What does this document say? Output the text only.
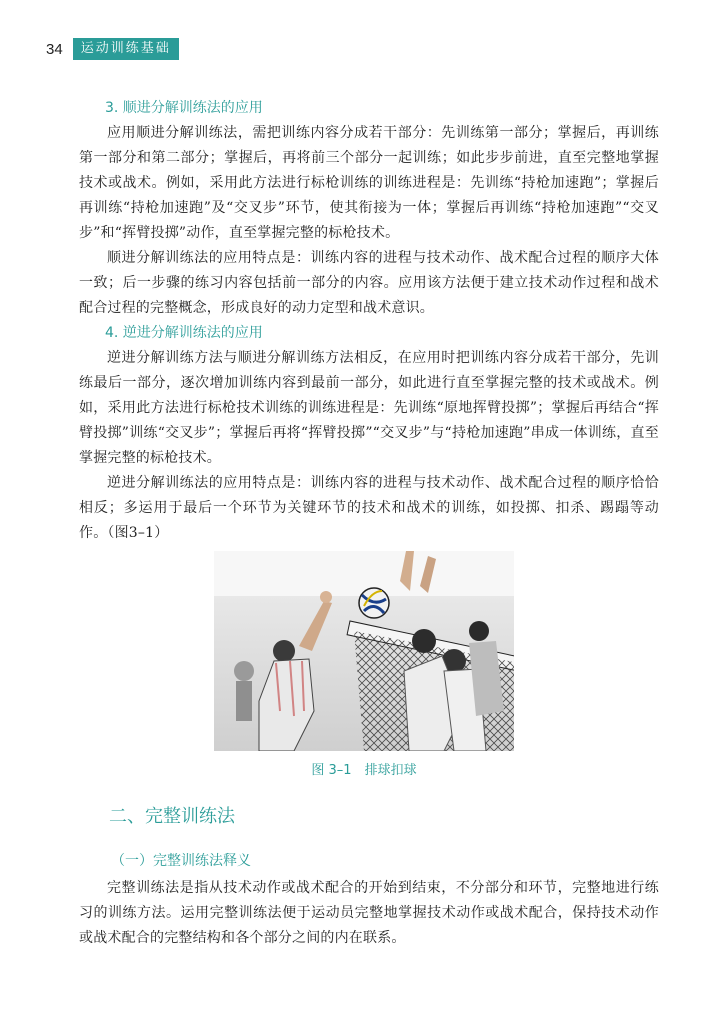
34	运动训练基础
3. 顺进分解训练法的应用

应用顺进分解训练法，需把训练内容分成若干部分：先训练第一部分；掌握后，再训练第一部分和第二部分；掌握后，再将前三个部分一起训练；如此步步前进，直至完整地掌握技术或战术。例如，采用此方法进行标枪训练的训练进程是：先训练“持枪加速跑”；掌握后再训练“持枪加速跑”及“交叉步”环节，使其衔接为一体；掌握后再训练“持枪加速跑”“交叉步”和“挥臂投掷”动作，直至掌握完整的标枪技术。

顺进分解训练法的应用特点是：训练内容的进程与技术动作、战术配合过程的顺序大体一致；后一步骤的练习内容包括前一部分的内容。应用该方法便于建立技术动作过程和战术配合过程的完整概念，形成良好的动力定型和战术意识。

4. 逆进分解训练法的应用

逆进分解训练方法与顺进分解训练方法相反，在应用时把训练内容分成若干部分，先训练最后一部分，逐次增加训练内容到最前一部分，如此进行直至掌握完整的技术或战术。例如，采用此方法进行标枪技术训练的训练进程是：先训练“原地挥臂投掷”；掌握后再结合“挥臂投掷”训练“交叉步”；掌握后再将“挥臂投掷”“交叉步”与“持枪加速跑”串成一体训练，直至掌握完整的标枪技术。

逆进分解训练法的应用特点是：训练内容的进程与技术动作、战术配合过程的顺序恰恰相反；多运用于最后一个环节为关键环节的技术和战术的训练，如投掷、扣杀、踢蹋等动作。（图3–1）

图 3–1　排球扣球
二、完整训练法
（一）完整训练法释义

完整训练法是指从技术动作或战术配合的开始到结束，不分部分和环节，完整地进行练习的训练方法。运用完整训练法便于运动员完整地掌握技术动作或战术配合，保持技术动作或战术配合的完整结构和各个部分之间的内在联系。
